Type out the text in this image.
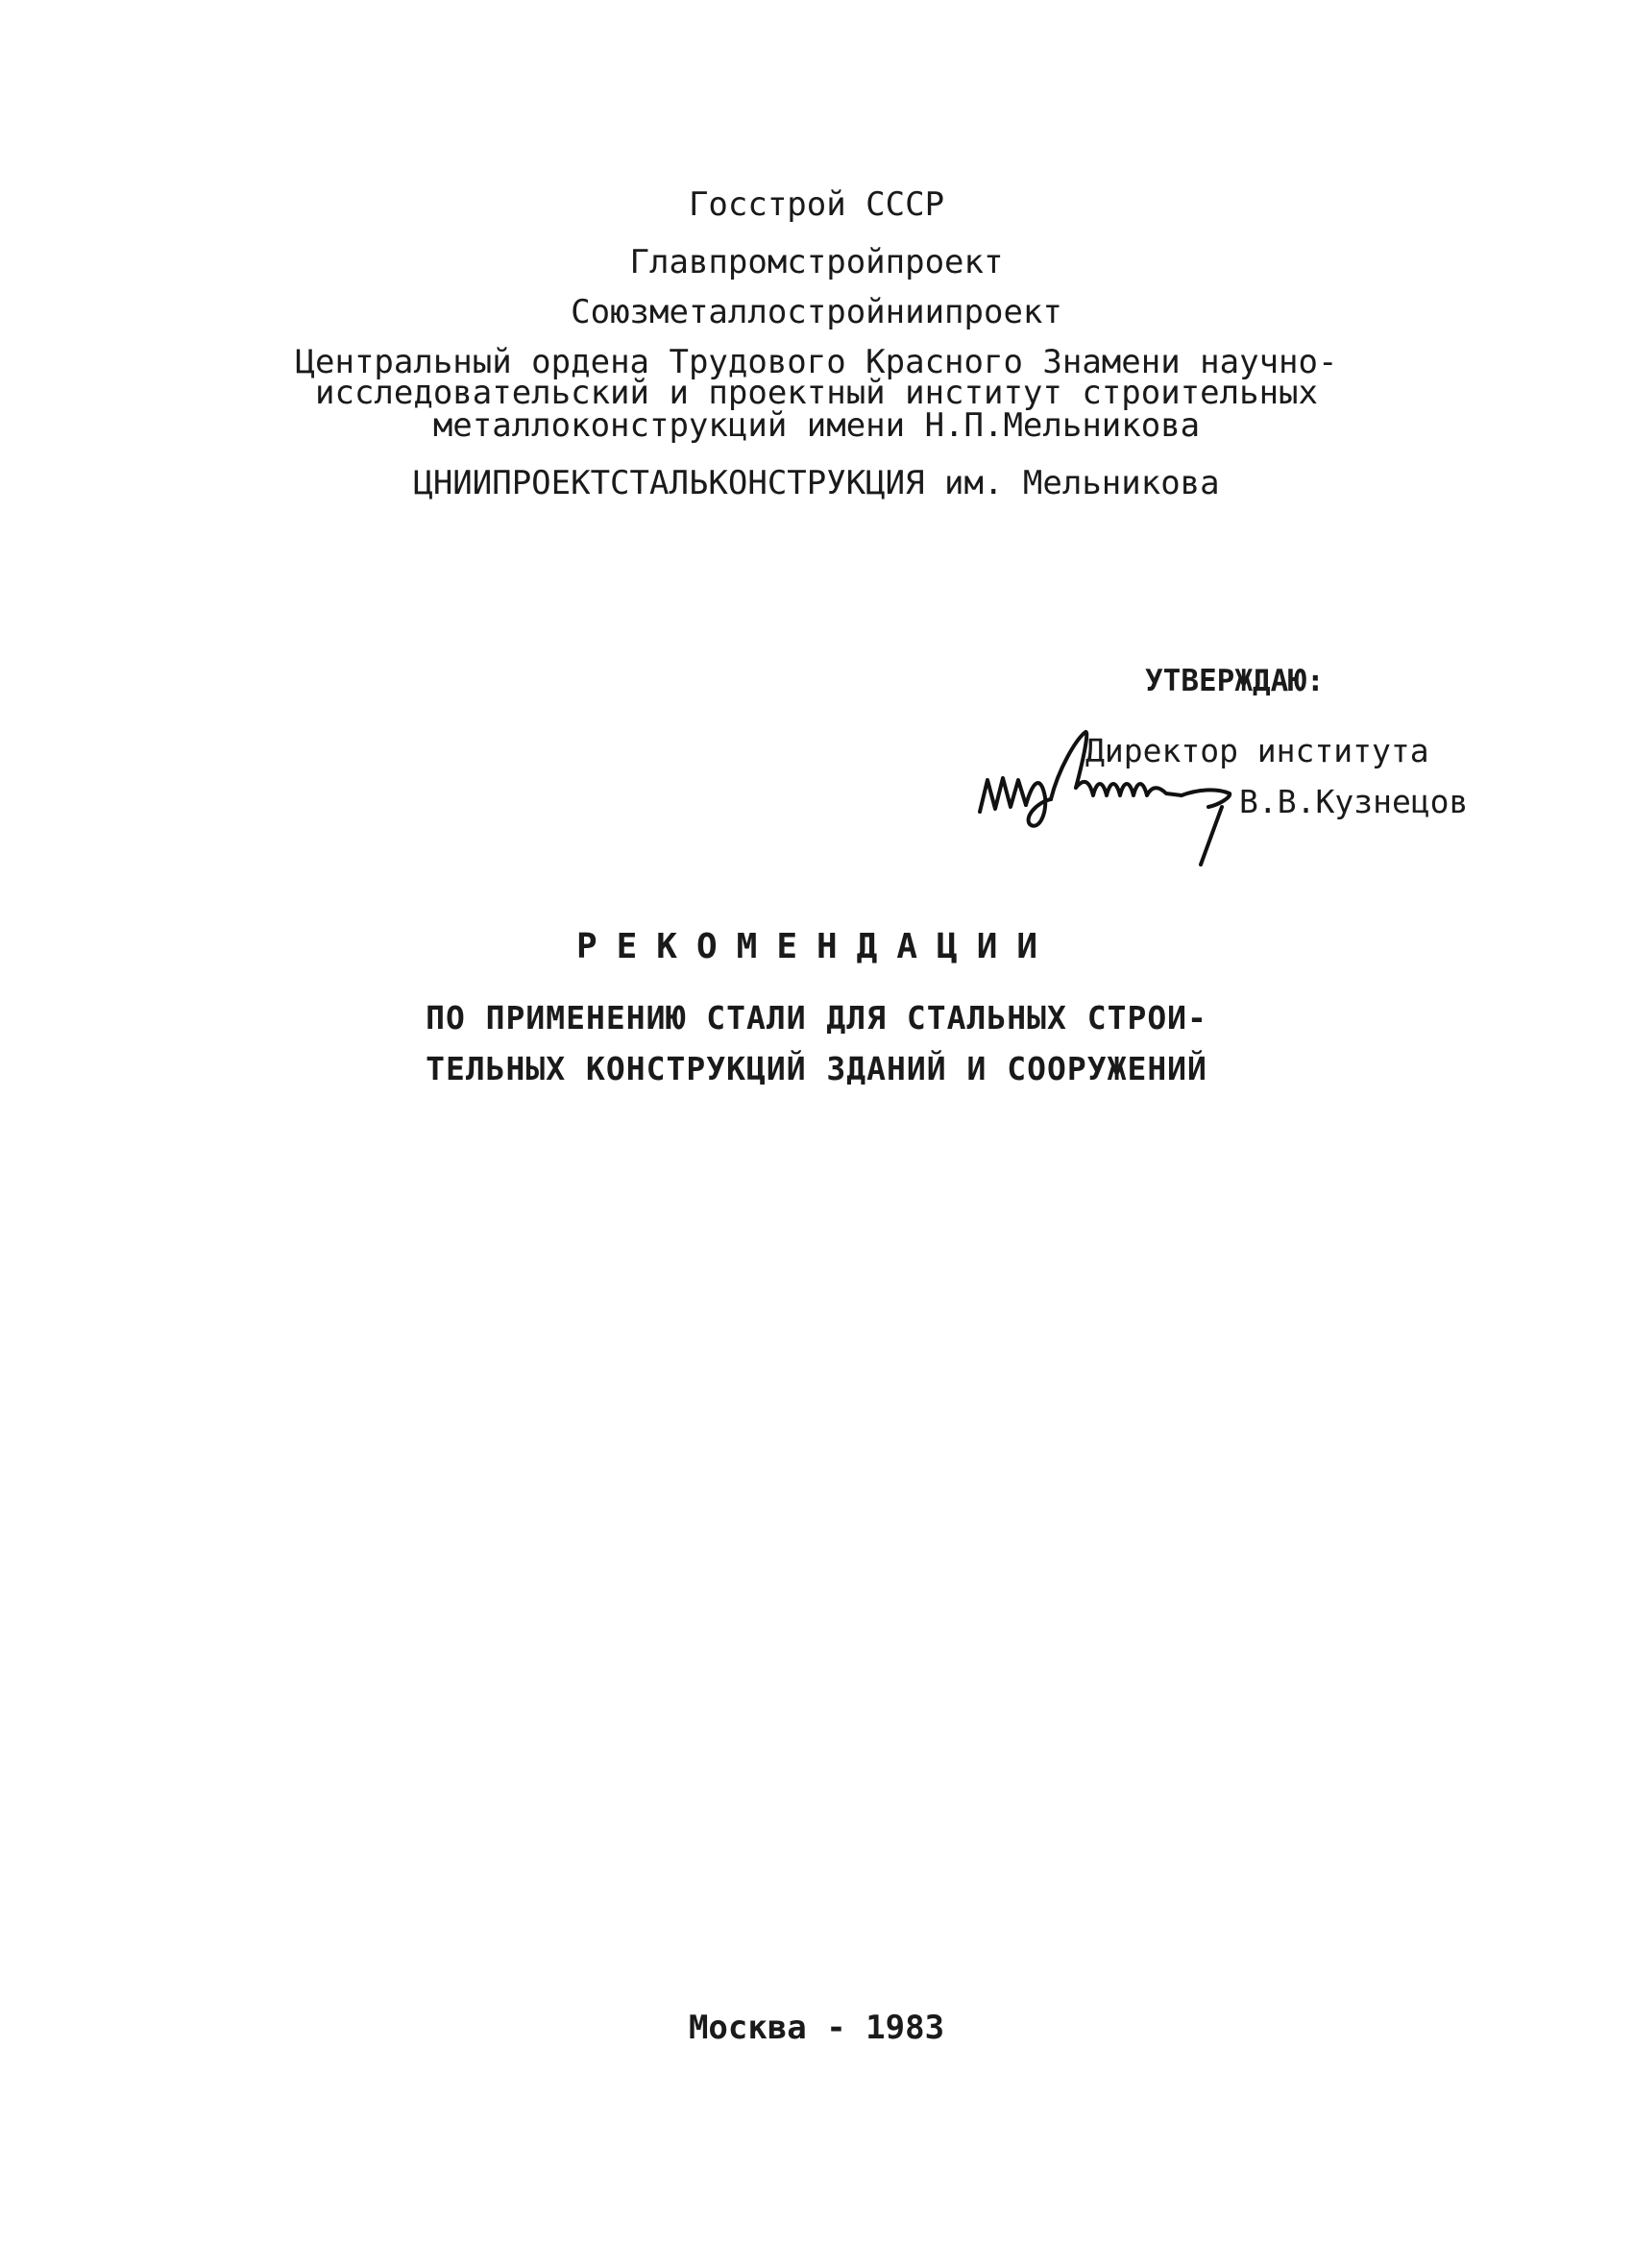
Госстрой СССР
Главпромстройпроект
Союзметаллостройниипроект
Центральный ордена Трудового Красного Знамени научно-
исследовательский и проектный институт строительных
металлоконструкций имени Н.П.Мельникова
ЦНИИПРОЕКТСТАЛЬКОНСТРУКЦИЯ им. Мельникова
УТВЕРЖДАЮ:
Директор института
В.В.Кузнецов
РЕКОМЕНДАЦИИ
ПО ПРИМЕНЕНИЮ СТАЛИ ДЛЯ СТАЛЬНЫХ СТРОИ-
ТЕЛЬНЫХ КОНСТРУКЦИЙ ЗДАНИЙ И СООРУЖЕНИЙ
Москва - 1983
